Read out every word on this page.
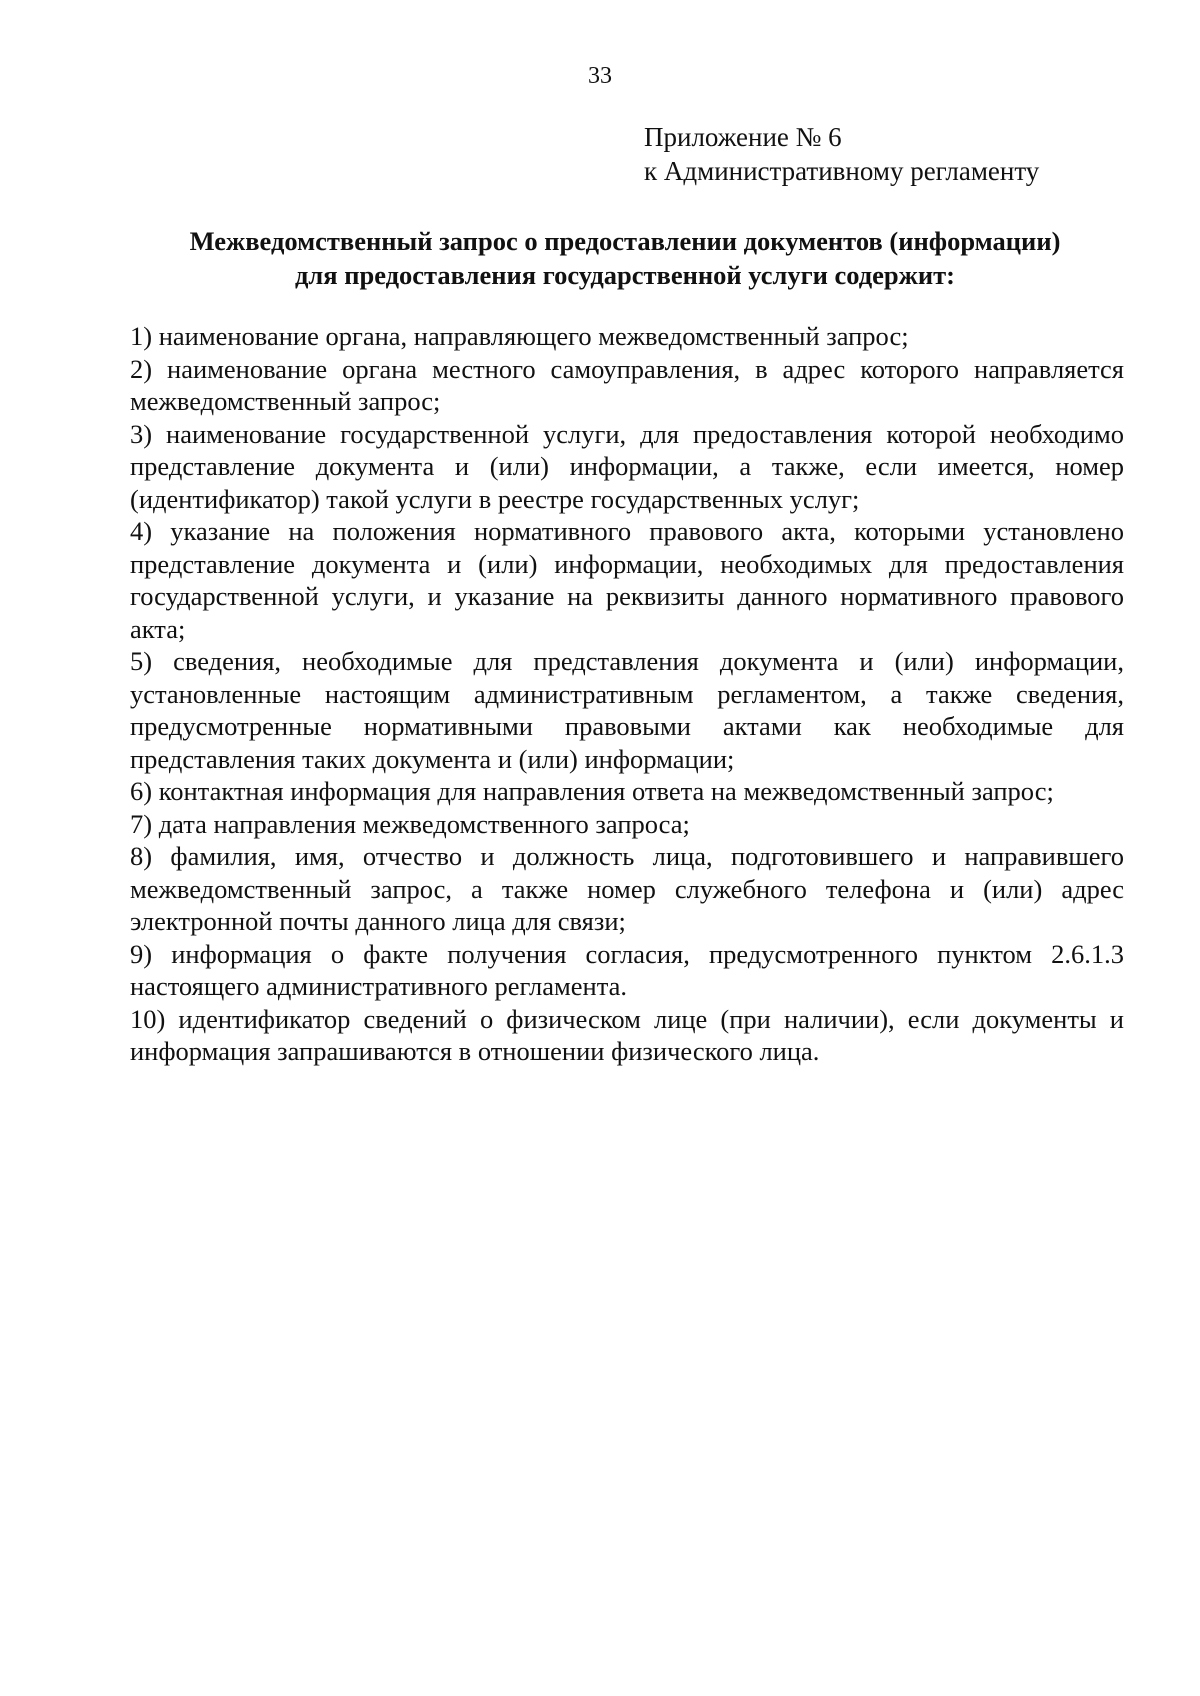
33
Приложение № 6
к Административному регламенту
Межведомственный запрос о предоставлении документов (информации)
для предоставления государственной услуги содержит:

1) наименование органа, направляющего межведомственный запрос;

2) наименование органа местного самоуправления, в адрес которого направляется межведомственный запрос;

3) наименование государственной услуги, для предоставления которой необходимо представление документа и (или) информации, а также, если имеется, номер (идентификатор) такой услуги в реестре государственных услуг;

4) указание на положения нормативного правового акта, которыми установлено представление документа и (или) информации, необходимых для предоставления государственной услуги, и указание на реквизиты данного нормативного правового акта;

5) сведения, необходимые для представления документа и (или) информации, установленные настоящим административным регламентом, а также сведения, предусмотренные нормативными правовыми актами как необходимые для представления таких документа и (или) информации;

6) контактная информация для направления ответа на межведомственный запрос;

7) дата направления межведомственного запроса;

8) фамилия, имя, отчество и должность лица, подготовившего и направившего межведомственный запрос, а также номер служебного телефона и (или) адрес электронной почты данного лица для связи;

9) информация о факте получения согласия, предусмотренного пунктом 2.6.1.3 настоящего административного регламента.

10) идентификатор сведений о физическом лице (при наличии), если документы и информация запрашиваются в отношении физического лица.
